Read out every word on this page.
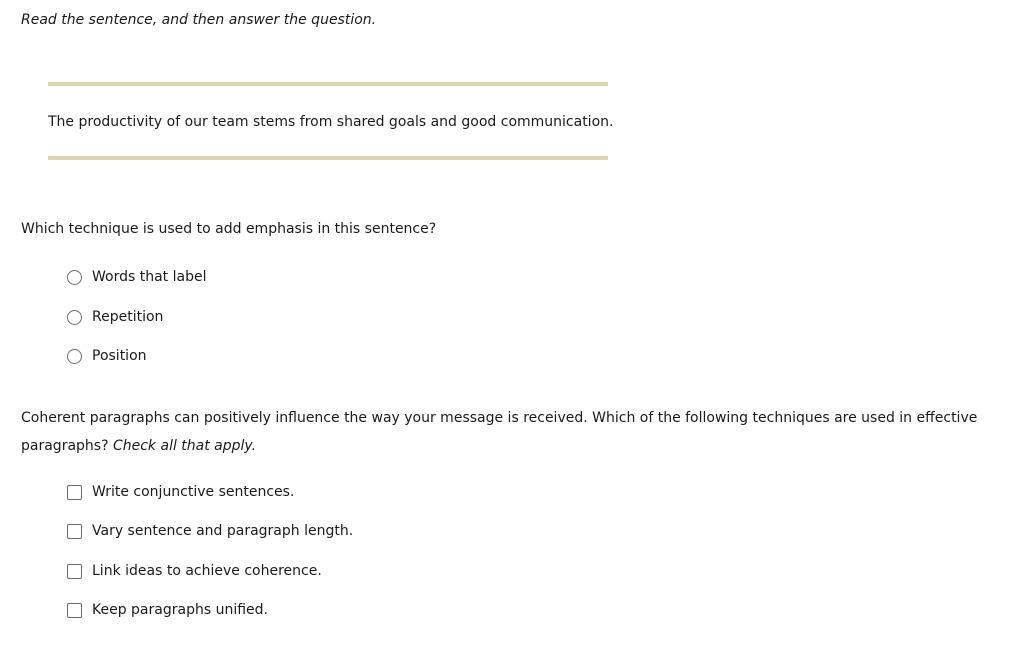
Read the sentence, and then answer the question.
The productivity of our team stems from shared goals and good communication.
Which technique is used to add emphasis in this sentence?
Words that label
Repetition
Position
Coherent paragraphs can positively influence the way your message is received. Which of the following techniques are used in effective paragraphs? Check all that apply.
Write conjunctive sentences.
Vary sentence and paragraph length.
Link ideas to achieve coherence.
Keep paragraphs unified.
